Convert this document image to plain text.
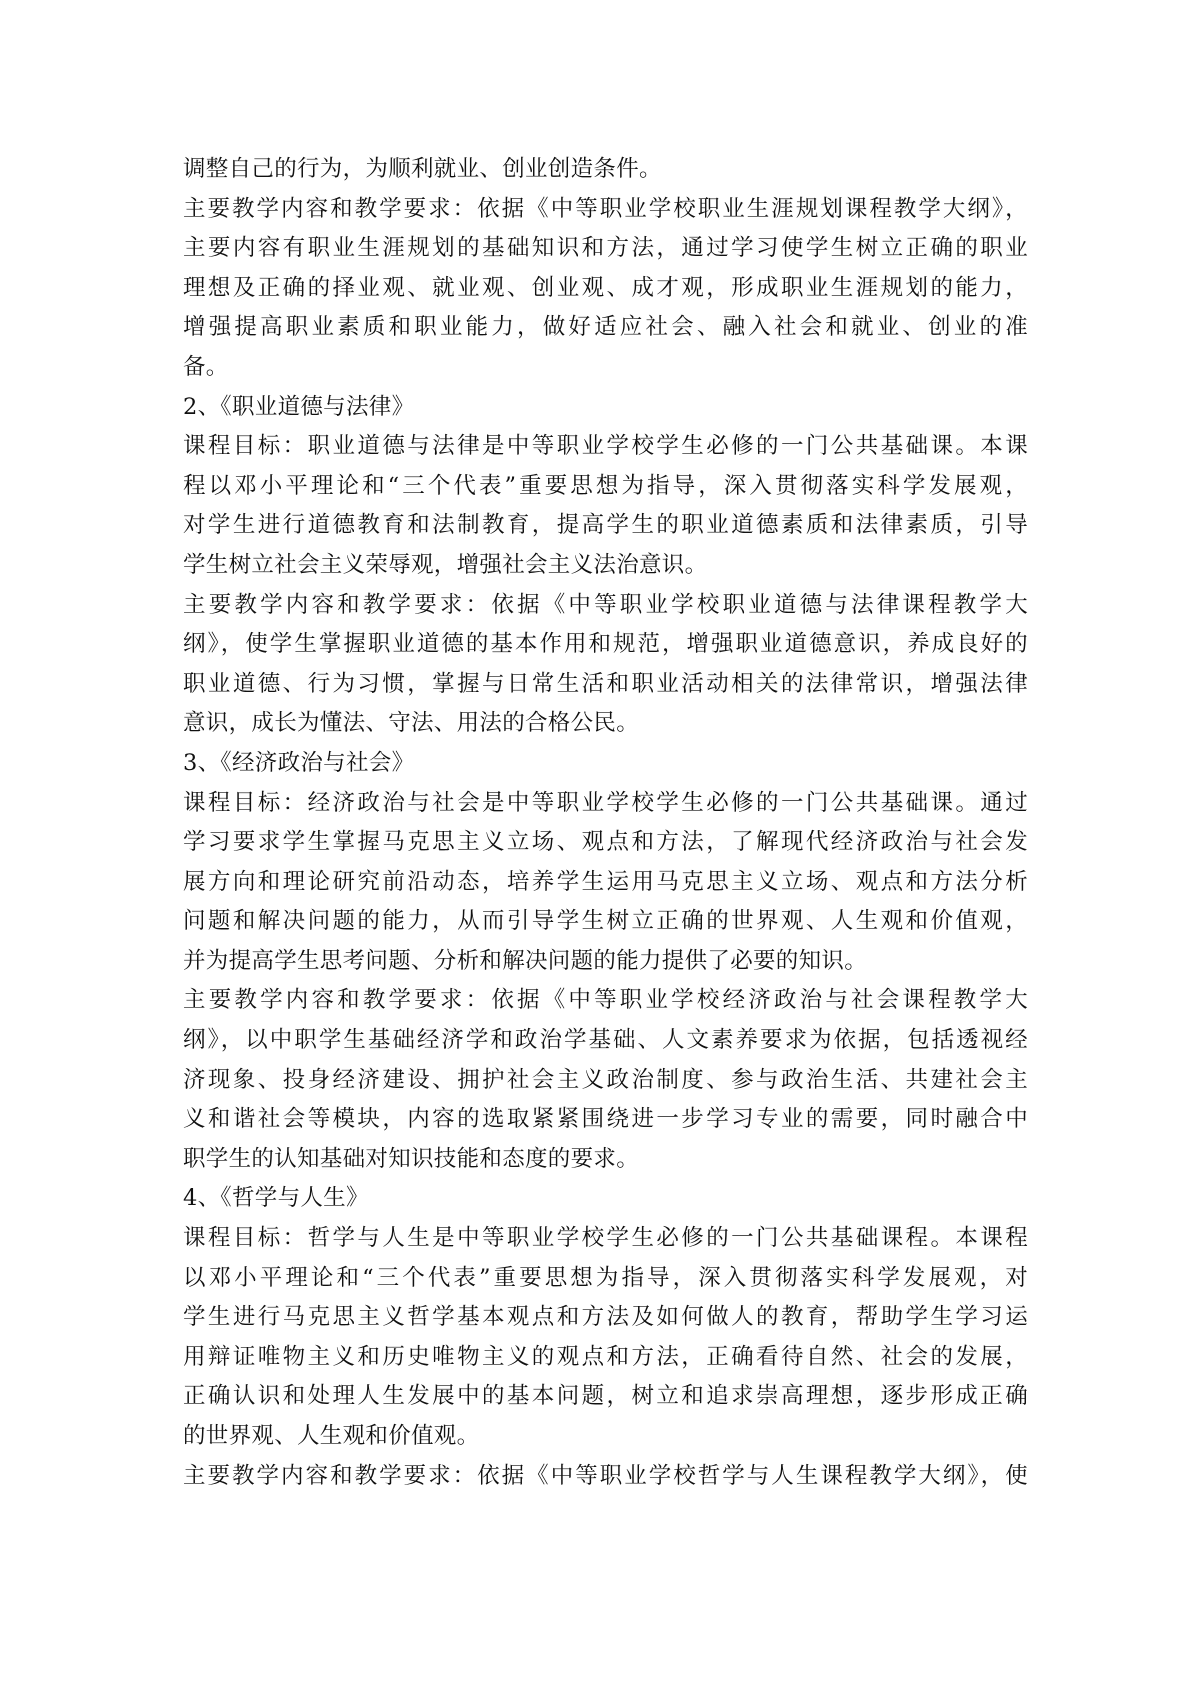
调整自己的行为，为顺利就业、创业创造条件。
主要教学内容和教学要求：依据《中等职业学校职业生涯规划课程教学大纲》，
主要内容有职业生涯规划的基础知识和方法，通过学习使学生树立正确的职业
理想及正确的择业观、就业观、创业观、成才观，形成职业生涯规划的能力，
增强提高职业素质和职业能力，做好适应社会、融入社会和就业、创业的准
备。
2、《职业道德与法律》
课程目标：职业道德与法律是中等职业学校学生必修的一门公共基础课。本课
程以邓小平理论和“三个代表”重要思想为指导，深入贯彻落实科学发展观，
对学生进行道德教育和法制教育，提高学生的职业道德素质和法律素质，引导
学生树立社会主义荣辱观，增强社会主义法治意识。
主要教学内容和教学要求：依据《中等职业学校职业道德与法律课程教学大
纲》，使学生掌握职业道德的基本作用和规范，增强职业道德意识，养成良好的
职业道德、行为习惯，掌握与日常生活和职业活动相关的法律常识，增强法律
意识，成长为懂法、守法、用法的合格公民。
3、《经济政治与社会》
课程目标：经济政治与社会是中等职业学校学生必修的一门公共基础课。通过
学习要求学生掌握马克思主义立场、观点和方法，了解现代经济政治与社会发
展方向和理论研究前沿动态，培养学生运用马克思主义立场、观点和方法分析
问题和解决问题的能力，从而引导学生树立正确的世界观、人生观和价值观，
并为提高学生思考问题、分析和解决问题的能力提供了必要的知识。
主要教学内容和教学要求：依据《中等职业学校经济政治与社会课程教学大
纲》，以中职学生基础经济学和政治学基础、人文素养要求为依据，包括透视经
济现象、投身经济建设、拥护社会主义政治制度、参与政治生活、共建社会主
义和谐社会等模块，内容的选取紧紧围绕进一步学习专业的需要，同时融合中
职学生的认知基础对知识技能和态度的要求。
4、《哲学与人生》
课程目标：哲学与人生是中等职业学校学生必修的一门公共基础课程。本课程
以邓小平理论和“三个代表”重要思想为指导，深入贯彻落实科学发展观，对
学生进行马克思主义哲学基本观点和方法及如何做人的教育，帮助学生学习运
用辩证唯物主义和历史唯物主义的观点和方法，正确看待自然、社会的发展，
正确认识和处理人生发展中的基本问题，树立和追求崇高理想，逐步形成正确
的世界观、人生观和价值观。
主要教学内容和教学要求：依据《中等职业学校哲学与人生课程教学大纲》，使
